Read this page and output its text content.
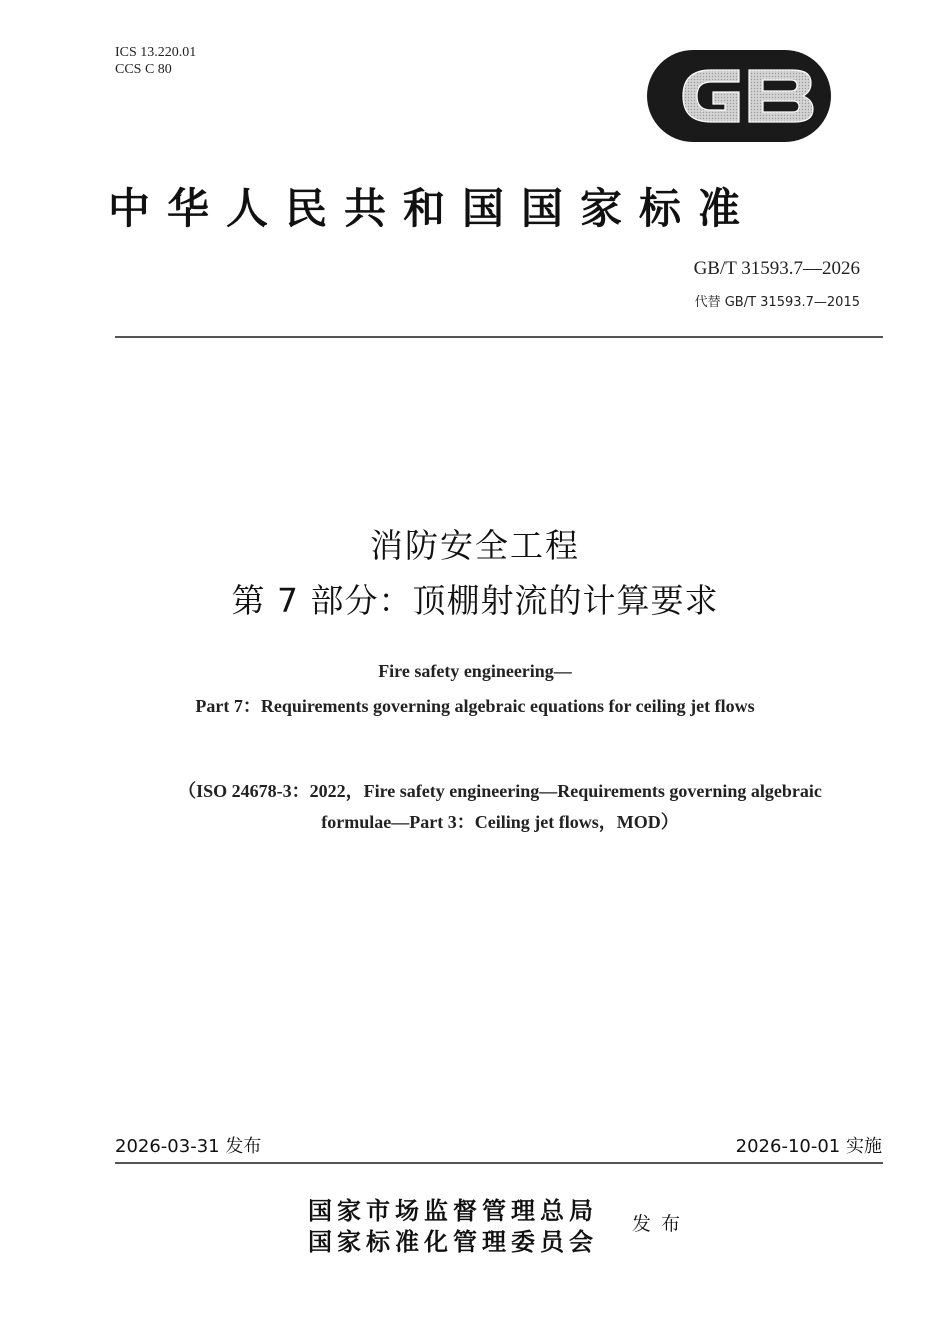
ICS 13.220.01
CCS C 80
中华人民共和国国家标准
GB/T 31593.7—2026
代替 GB/T 31593.7—2015
消防安全工程
第 7 部分：顶棚射流的计算要求
Fire safety engineering—
Part 7：Requirements governing algebraic equations for ceiling jet flows
（ISO 24678-3：2022，Fire safety engineering—Requirements governing algebraic
formulae—Part 3：Ceiling jet flows，MOD）
2026-03-31 发布	2026-10-01 实施
国家市场监督管理总局
国家标准化管理委员会
发布
